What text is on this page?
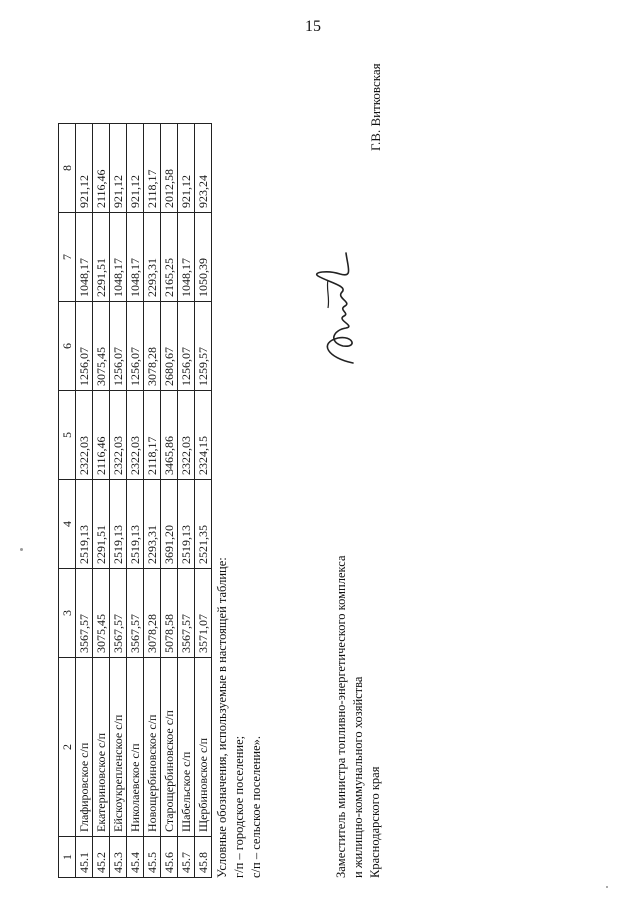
15
1	2	3	4	5	6	7	8
45.1	Глафировское с/п	3567,57	2519,13	2322,03	1256,07	1048,17	921,12
45.2	Екатериновское с/п	3075,45	2291,51	2116,46	3075,45	2291,51	2116,46
45.3	Ейскоукрепленское с/п	3567,57	2519,13	2322,03	1256,07	1048,17	921,12
45.4	Николаевское с/п	3567,57	2519,13	2322,03	1256,07	1048,17	921,12
45.5	Новощербиновское с/п	3078,28	2293,31	2118,17	3078,28	2293,31	2118,17
45.6	Старощербиновское с/п	5078,58	3691,20	3465,86	2680,67	2165,25	2012,58
45.7	Шабельское с/п	3567,57	2519,13	2322,03	1256,07	1048,17	921,12
45.8	Щербиновское с/п	3571,07	2521,35	2324,15	1259,57	1050,39	923,24
Условные обозначения, используемые в настоящей таблице: г/п – городское поселение; с/п – сельское поселение».	Заместитель министра топливно-энергетического комплекса и жилищно-коммунального хозяйства Краснодарского края
Г.В. Витковская
